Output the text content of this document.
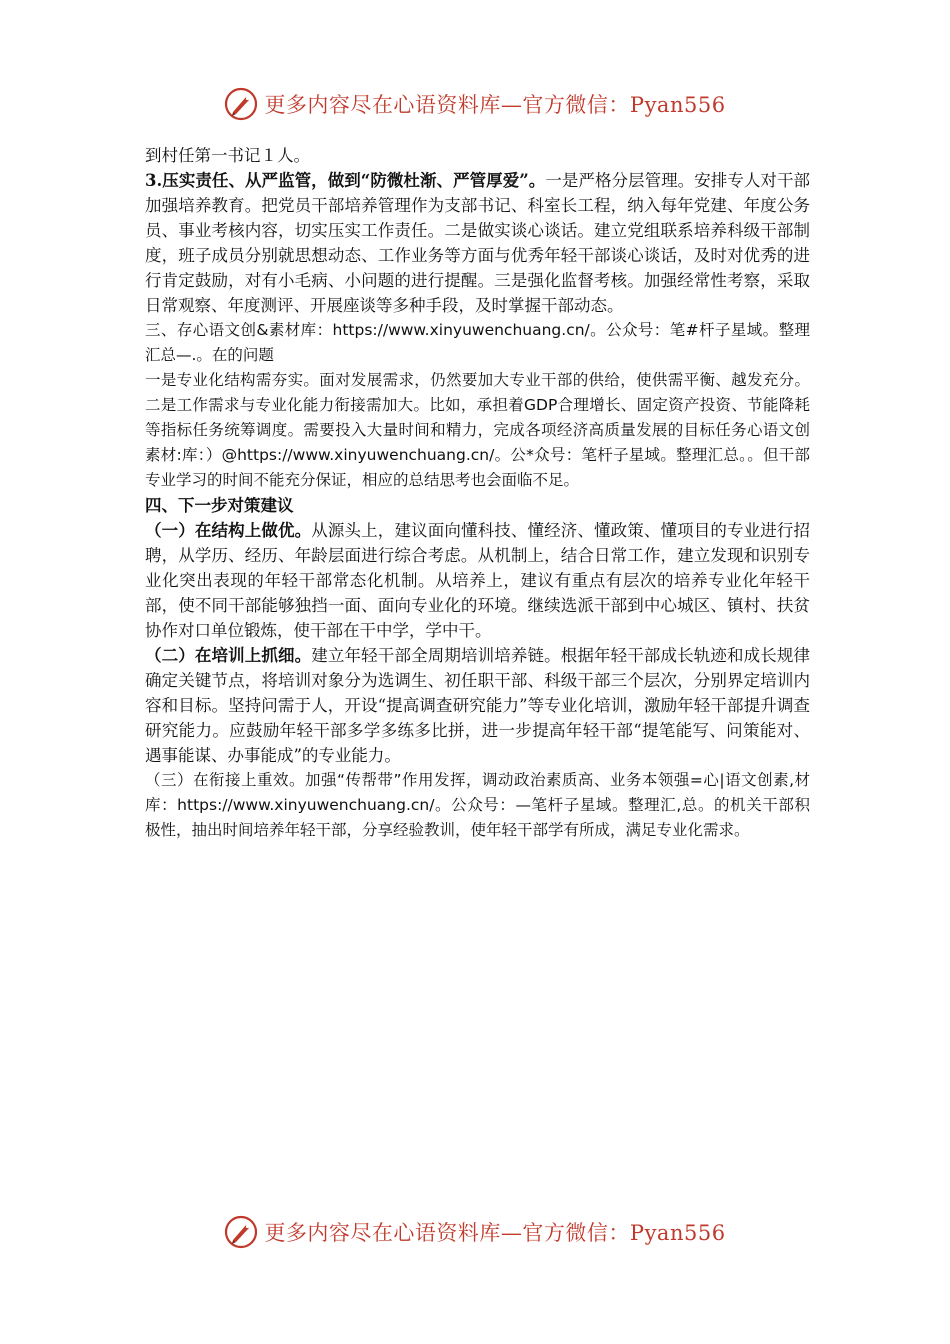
更多内容尽在心语资料库—官方微信：Pyan556

到村任第一书记１人。

3.压实责任、从严监管，做到“防微杜渐、严管厚爱”。一是严格分层管理。安排专人对干部加强培养教育。把党员干部培养管理作为支部书记、科室长工程，纳入每年党建、年度公务员、事业考核内容，切实压实工作责任。二是做实谈心谈话。建立党组联系培养科级干部制度，班子成员分别就思想动态、工作业务等方面与优秀年轻干部谈心谈话，及时对优秀的进行肯定鼓励，对有小毛病、小问题的进行提醒。三是强化监督考核。加强经常性考察，采取日常观察、年度测评、开展座谈等多种手段，及时掌握干部动态。

三、存心语文创&素材库：https://www.xinyuwenchuang.cn/。公众号：笔#杆子星域。整理汇总—.。在的问题

一是专业化结构需夯实。面对发展需求，仍然要加大专业干部的供给，使供需平衡、越发充分。二是工作需求与专业化能力衔接需加大。比如，承担着GDP合理增长、固定资产投资、节能降耗等指标任务统筹调度。需要投入大量时间和精力，完成各项经济高质量发展的目标任务心语文创素材:库：）@https://www.xinyuwenchuang.cn/。公*众号：笔杆子星域。整理汇总。。但干部专业学习的时间不能充分保证，相应的总结思考也会面临不足。

四、下一步对策建议

（一）在结构上做优。从源头上，建议面向懂科技、懂经济、懂政策、懂项目的专业进行招聘，从学历、经历、年龄层面进行综合考虑。从机制上，结合日常工作，建立发现和识别专业化突出表现的年轻干部常态化机制。从培养上，建议有重点有层次的培养专业化年轻干部，使不同干部能够独挡一面、面向专业化的环境。继续选派干部到中心城区、镇村、扶贫协作对口单位锻炼，使干部在干中学，学中干。

（二）在培训上抓细。建立年轻干部全周期培训培养链。根据年轻干部成长轨迹和成长规律确定关键节点，将培训对象分为选调生、初任职干部、科级干部三个层次，分别界定培训内容和目标。坚持问需于人，开设“提高调查研究能力”等专业化培训，激励年轻干部提升调查研究能力。应鼓励年轻干部多学多练多比拼，进一步提高年轻干部“提笔能写、问策能对、遇事能谋、办事能成”的专业能力。

（三）在衔接上重效。加强“传帮带”作用发挥，调动政治素质高、业务本领强=心|语文创素,材库：https://www.xinyuwenchuang.cn/。公众号：—笔杆子星域。整理汇,总。的机关干部积极性，抽出时间培养年轻干部，分享经验教训，使年轻干部学有所成，满足专业化需求。

更多内容尽在心语资料库—官方微信：Pyan556
